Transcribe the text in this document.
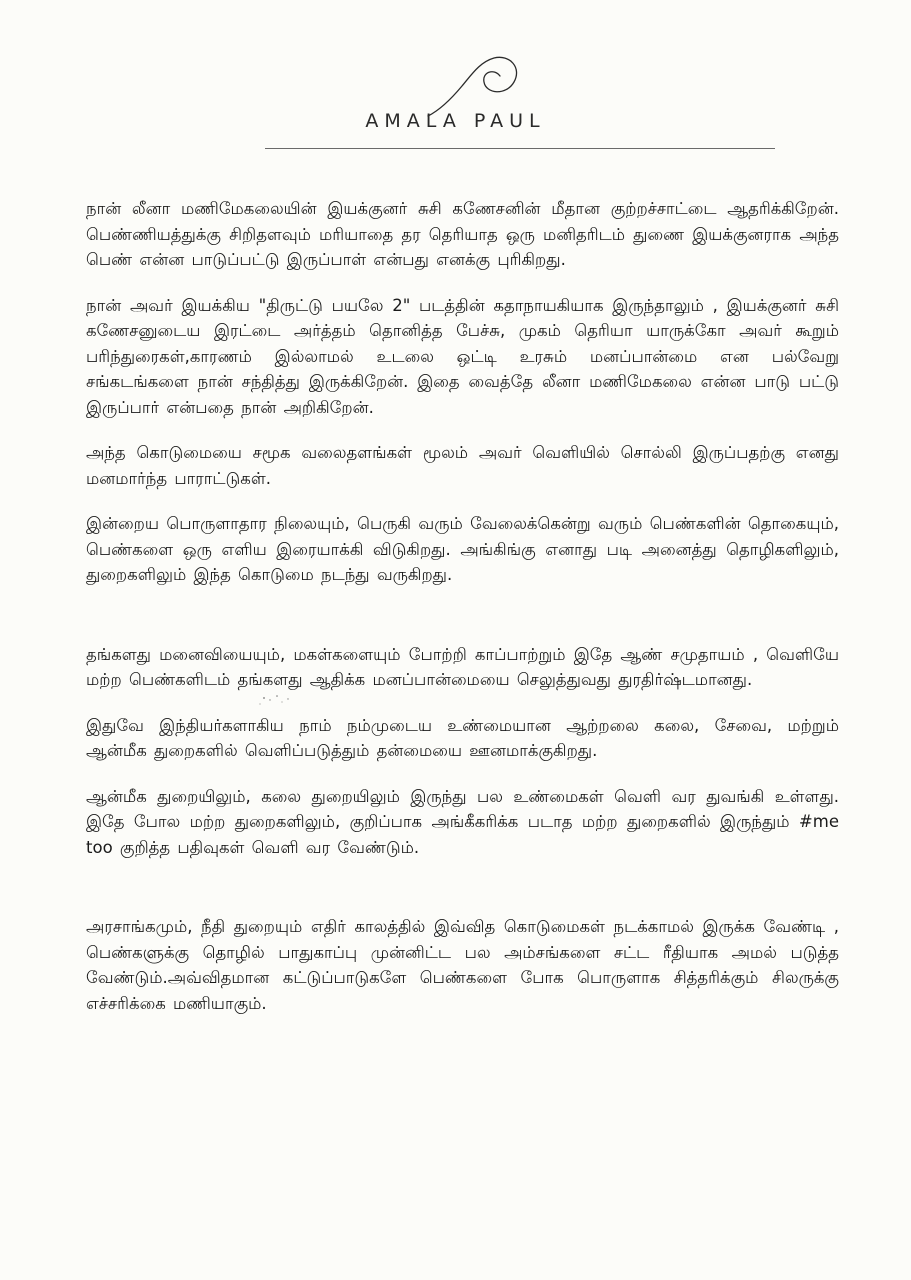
AMALA PAUL

நான் லீனா மணிமேகலையின் இயக்குனர் சுசி கணேசனின் மீதான குற்றச்சாட்டை ஆதரிக்கிறேன். பெண்ணியத்துக்கு சிறிதளவும் மரியாதை தர தெரியாத ஒரு மனிதரிடம் துணை இயக்குனராக அந்த பெண் என்ன பாடுப்பட்டு இருப்பாள் என்பது எனக்கு புரிகிறது.

நான் அவர் இயக்கிய "திருட்டு பயலே 2" படத்தின் கதாநாயகியாக இருந்தாலும் , இயக்குனர் சுசி கணேசனுடைய இரட்டை அர்த்தம் தொனித்த பேச்சு, முகம் தெரியா யாருக்கோ அவர் கூறும் பரிந்துரைகள்,காரணம் இல்லாமல் உடலை ஒட்டி உரசும் மனப்பான்மை என பல்வேறு சங்கடங்களை நான் சந்தித்து இருக்கிறேன். இதை வைத்தே லீனா மணிமேகலை என்ன பாடு பட்டு இருப்பார் என்பதை நான் அறிகிறேன்.

அந்த கொடுமையை சமூக வலைதளங்கள் மூலம் அவர் வெளியில் சொல்லி இருப்பதற்கு எனது மனமார்ந்த பாராட்டுகள்.

இன்றைய பொருளாதார நிலையும், பெருகி வரும் வேலைக்கென்று வரும் பெண்களின் தொகையும், பெண்களை ஒரு எளிய இரையாக்கி விடுகிறது. அங்கிங்கு எனாது படி அனைத்து தொழிகளிலும், துறைகளிலும் இந்த கொடுமை நடந்து வருகிறது.

தங்களது மனைவியையும், மகள்களையும் போற்றி காப்பாற்றும் இதே ஆண் சமுதாயம் , வெளியே மற்ற பெண்களிடம் தங்களது ஆதிக்க மனப்பான்மையை செலுத்துவது துரதிர்ஷ்டமானது.

இதுவே இந்தியர்களாகிய நாம் நம்முடைய உண்மையான ஆற்றலை கலை, சேவை, மற்றும் ஆன்மீக துறைகளில் வெளிப்படுத்தும் தன்மையை ஊனமாக்குகிறது.

ஆன்மீக துறையிலும், கலை துறையிலும் இருந்து பல உண்மைகள் வெளி வர துவங்கி உள்ளது. இதே போல மற்ற துறைகளிலும், குறிப்பாக அங்கீகரிக்க படாத மற்ற துறைகளில் இருந்தும் #me too குறித்த பதிவுகள் வெளி வர வேண்டும்.

அரசாங்கமும், நீதி துறையும் எதிர் காலத்தில் இவ்வித கொடுமைகள் நடக்காமல் இருக்க வேண்டி , பெண்களுக்கு தொழில் பாதுகாப்பு முன்னிட்ட பல அம்சங்களை சட்ட ரீதியாக அமல் படுத்த வேண்டும்.அவ்விதமான கட்டுப்பாடுகளே பெண்களை போக பொருளாக சித்தரிக்கும் சிலருக்கு எச்சரிக்கை மணியாகும்.
